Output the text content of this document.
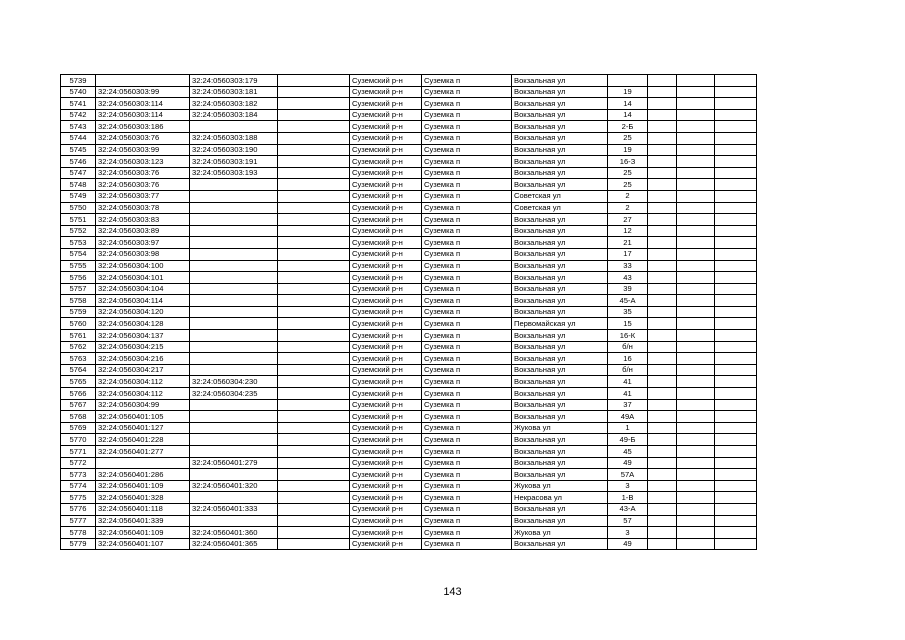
5739		32:24:0560303:179		Суземский р-н	Суземка п	Вокзальная ул				
5740	32:24:0560303:99	32:24:0560303:181		Суземский р-н	Суземка п	Вокзальная ул	19			
5741	32:24:0560303:114	32:24:0560303:182		Суземский р-н	Суземка п	Вокзальная ул	14			
5742	32:24:0560303:114	32:24:0560303:184		Суземский р-н	Суземка п	Вокзальная ул	14			
5743	32:24:0560303:186			Суземский р-н	Суземка п	Вокзальная ул	2-Б			
5744	32:24:0560303:76	32:24:0560303:188		Суземский р-н	Суземка п	Вокзальная ул	25			
5745	32:24:0560303:99	32:24:0560303:190		Суземский р-н	Суземка п	Вокзальная ул	19			
5746	32:24:0560303:123	32:24:0560303:191		Суземский р-н	Суземка п	Вокзальная ул	16-З			
5747	32:24:0560303:76	32:24:0560303:193		Суземский р-н	Суземка п	Вокзальная ул	25			
5748	32:24:0560303:76			Суземский р-н	Суземка п	Вокзальная ул	25			
5749	32:24:0560303:77			Суземский р-н	Суземка п	Советская ул	2			
5750	32:24:0560303:78			Суземский р-н	Суземка п	Советская ул	2			
5751	32:24:0560303:83			Суземский р-н	Суземка п	Вокзальная ул	27			
5752	32:24:0560303:89			Суземский р-н	Суземка п	Вокзальная ул	12			
5753	32:24:0560303:97			Суземский р-н	Суземка п	Вокзальная ул	21			
5754	32:24:0560303:98			Суземский р-н	Суземка п	Вокзальная ул	17			
5755	32:24:0560304:100			Суземский р-н	Суземка п	Вокзальная ул	33			
5756	32:24:0560304:101			Суземский р-н	Суземка п	Вокзальная ул	43			
5757	32:24:0560304:104			Суземский р-н	Суземка п	Вокзальная ул	39			
5758	32:24:0560304:114			Суземский р-н	Суземка п	Вокзальная ул	45-А			
5759	32:24:0560304:120			Суземский р-н	Суземка п	Вокзальная ул	35			
5760	32:24:0560304:128			Суземский р-н	Суземка п	Первомайская ул	15			
5761	32:24:0560304:137			Суземский р-н	Суземка п	Вокзальная ул	16-К			
5762	32:24:0560304:215			Суземский р-н	Суземка п	Вокзальная ул	б/н			
5763	32:24:0560304:216			Суземский р-н	Суземка п	Вокзальная ул	16			
5764	32:24:0560304:217			Суземский р-н	Суземка п	Вокзальная ул	б/н			
5765	32:24:0560304:112	32:24:0560304:230		Суземский р-н	Суземка п	Вокзальная ул	41			
5766	32:24:0560304:112	32:24:0560304:235		Суземский р-н	Суземка п	Вокзальная ул	41			
5767	32:24:0560304:99			Суземский р-н	Суземка п	Вокзальная ул	37			
5768	32:24:0560401:105			Суземский р-н	Суземка п	Вокзальная ул	49А			
5769	32:24:0560401:127			Суземский р-н	Суземка п	Жукова ул	1			
5770	32:24:0560401:228			Суземский р-н	Суземка п	Вокзальная ул	49-Б			
5771	32:24:0560401:277			Суземский р-н	Суземка п	Вокзальная ул	45			
5772		32:24:0560401:279		Суземский р-н	Суземка п	Вокзальная ул	49			
5773	32:24:0560401:286			Суземский р-н	Суземка п	Вокзальная ул	57А			
5774	32:24:0560401:109	32:24:0560401:320		Суземский р-н	Суземка п	Жукова ул	3			
5775	32:24:0560401:328			Суземский р-н	Суземка п	Некрасова ул	1-В			
5776	32:24:0560401:118	32:24:0560401:333		Суземский р-н	Суземка п	Вокзальная ул	43-А			
5777	32:24:0560401:339			Суземский р-н	Суземка п	Вокзальная ул	57			
5778	32:24:0560401:109	32:24:0560401:360		Суземский р-н	Суземка п	Жукова ул	3			
5779	32:24:0560401:107	32:24:0560401:365		Суземский р-н	Суземка п	Вокзальная ул	49			
143
